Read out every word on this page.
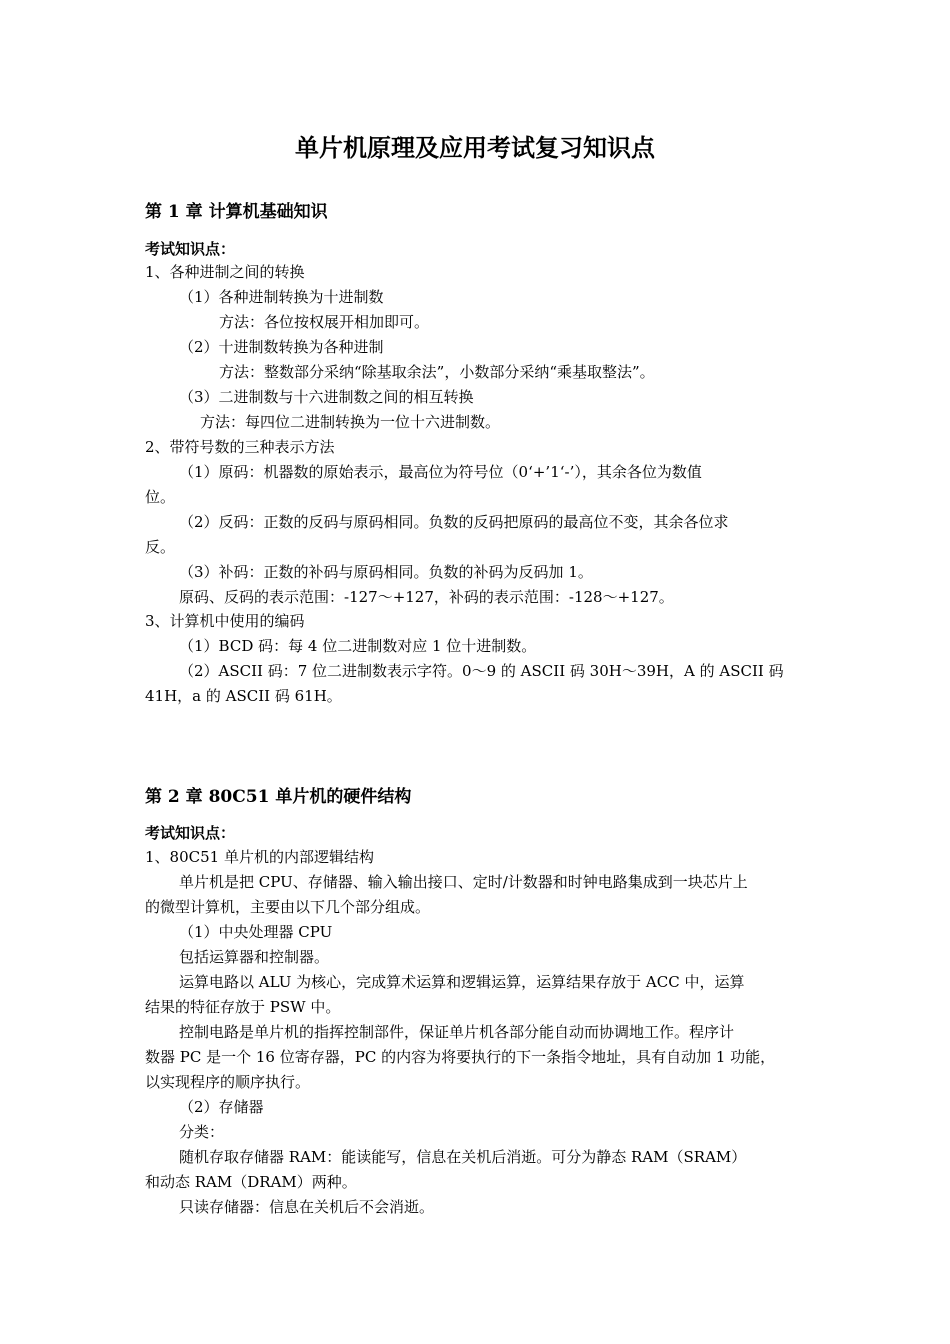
单片机原理及应用考试复习知识点
第 1 章 计算机基础知识
考试知识点：
1、各种进制之间的转换
（1）各种进制转换为十进制数
方法：各位按权展开相加即可。
（2）十进制数转换为各种进制
方法：整数部分采纳“除基取余法”，小数部分采纳“乘基取整法”。
（3）二进制数与十六进制数之间的相互转换
方法：每四位二进制转换为一位十六进制数。
2、带符号数的三种表示方法
（1）原码：机器数的原始表示，最高位为符号位（0‘+’1‘-’），其余各位为数值
位。
（2）反码：正数的反码与原码相同。负数的反码把原码的最高位不变，其余各位求
反。
（3）补码：正数的补码与原码相同。负数的补码为反码加 1。
原码、反码的表示范围：-127～+127，补码的表示范围：-128～+127。
3、计算机中使用的编码
（1）BCD 码：每 4 位二进制数对应 1 位十进制数。
（2）ASCII 码：7 位二进制数表示字符。0～9 的 ASCII 码 30H～39H，A 的 ASCII 码
41H，a 的 ASCII 码 61H。
第 2 章 80C51 单片机的硬件结构
考试知识点：
1、80C51 单片机的内部逻辑结构
单片机是把 CPU、存储器、输入输出接口、定时/计数器和时钟电路集成到一块芯片上
的微型计算机，主要由以下几个部分组成。
（1）中央处理器 CPU
包括运算器和控制器。
运算电路以 ALU 为核心，完成算术运算和逻辑运算，运算结果存放于 ACC 中，运算
结果的特征存放于 PSW 中。
控制电路是单片机的指挥控制部件，保证单片机各部分能自动而协调地工作。程序计
数器 PC 是一个 16 位寄存器，PC 的内容为将要执行的下一条指令地址，具有自动加 1 功能，
以实现程序的顺序执行。
（2）存储器
分类：
随机存取存储器 RAM：能读能写，信息在关机后消逝。可分为静态 RAM（SRAM）
和动态 RAM（DRAM）两种。
只读存储器：信息在关机后不会消逝。
